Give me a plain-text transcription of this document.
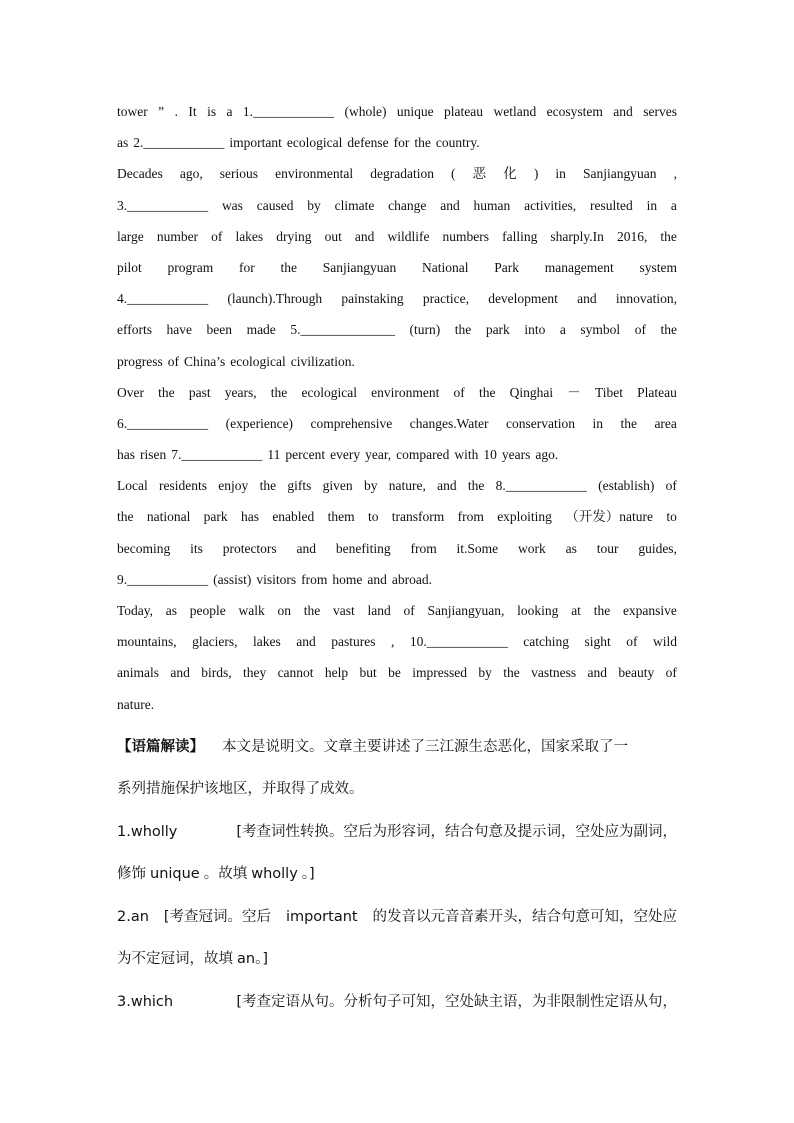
tower ” . It is a 1.____________ (whole) unique plateau wetland ecosystem and serves
as 2.____________ important ecological defense for the country.
Decades ago, serious environmental degradation ( 恶 化 ) in Sanjiangyuan ,
3.____________ was caused by climate change and human activities, resulted in a
large number of lakes drying out and wildlife numbers falling sharply.In 2016, the
pilot program for the Sanjiangyuan National Park management system
4.____________ (launch).Through painstaking practice, development and innovation,
efforts have been made 5.______________ (turn) the park into a symbol of the
progress of China’s ecological civilization.
Over the past years, the ecological environment of the Qinghai － Tibet Plateau
6.____________ (experience) comprehensive changes.Water conservation in the area
has risen 7.____________ 11 percent every year, compared with 10 years ago.
Local residents enjoy the gifts given by nature, and the 8.____________ (establish) of
the national park has enabled them to transform from exploiting （开发）nature to
becoming its protectors and benefiting from it.Some work as tour guides,
9.____________ (assist) visitors from home and abroad.
Today, as people walk on the vast land of Sanjiangyuan, looking at the expansive
mountains, glaciers, lakes and pastures , 10.____________ catching sight of wild
animals and birds, they cannot help but be impressed by the vastness and beauty of
nature.
【语篇解读】 本文是说明文。文章主要讲述了三江源生态恶化，国家采取了一
系列措施保护该地区，并取得了成效。
1.wholly	[考查词性转换。空后为形容词，结合句意及提示词，空处应为副词，
修饰 unique 。故填 wholly 。]
2.an [考查冠词。空后 important 的发音以元音音素开头，结合句意可知，空处应
为不定冠词，故填 an。]
3.which	[考查定语从句。分析句子可知，空处缺主语，为非限制性定语从句，
